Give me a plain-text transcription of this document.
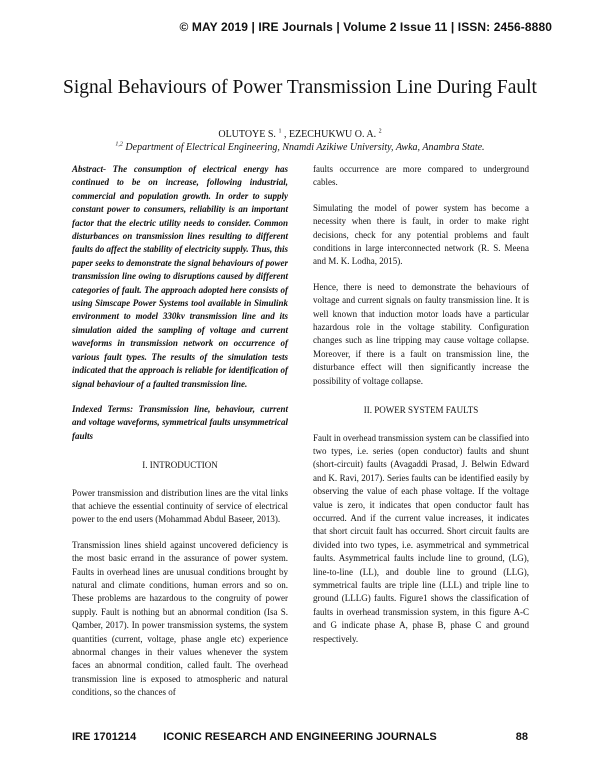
© MAY 2019 | IRE Journals | Volume 2 Issue 11 | ISSN: 2456-8880
Signal Behaviours of Power Transmission Line During Fault
OLUTOYE S. $^1$ , EZECHUKWU O. A. $^2$
$^{1,2}$ Department of Electrical Engineering, Nnamdi Azikiwe University, Awka, Anambra State.

Abstract- The consumption of electrical energy has continued to be on increase, following industrial, commercial and population growth. In order to supply constant power to consumers, reliability is an important factor that the electric utility needs to consider. Common disturbances on transmission lines resulting to different faults do affect the stability of electricity supply. Thus, this paper seeks to demonstrate the signal behaviours of power transmission line owing to disruptions caused by different categories of fault. The approach adopted here consists of using Simscape Power Systems tool available in Simulink environment to model 330kv transmission line and its simulation aided the sampling of voltage and current waveforms in transmission network on occurrence of various fault types. The results of the simulation tests indicated that the approach is reliable for identification of signal behaviour of a faulted transmission line.

Indexed Terms: Transmission line, behaviour, current and voltage waveforms, symmetrical faults unsymmetrical faults

I. INTRODUCTION

Power transmission and distribution lines are the vital links that achieve the essential continuity of service of electrical power to the end users (Mohammad Abdul Baseer, 2013).

Transmission lines shield against uncovered deficiency is the most basic errand in the assurance of power system. Faults in overhead lines are unusual conditions brought by natural and climate conditions, human errors and so on. These problems are hazardous to the congruity of power supply. Fault is nothing but an abnormal condition (Isa S. Qamber, 2017). In power transmission systems, the system quantities (current, voltage, phase angle etc) experience abnormal changes in their values whenever the system faces an abnormal condition, called fault. The overhead transmission line is exposed to atmospheric and natural conditions, so the chances of

faults occurrence are more compared to underground cables.

Simulating the model of power system has become a necessity when there is fault, in order to make right decisions, check for any potential problems and fault conditions in large interconnected network (R. S. Meena and M. K. Lodha, 2015).

Hence, there is need to demonstrate the behaviours of voltage and current signals on faulty transmission line. It is well known that induction motor loads have a particular hazardous role in the voltage stability. Configuration changes such as line tripping may cause voltage collapse. Moreover, if there is a fault on transmission line, the disturbance effect will then significantly increase the possibility of voltage collapse.

II. POWER SYSTEM FAULTS

Fault in overhead transmission system can be classified into two types, i.e. series (open conductor) faults and shunt (short-circuit) faults (Avagaddi Prasad, J. Belwin Edward and K. Ravi, 2017). Series faults can be identified easily by observing the value of each phase voltage. If the voltage value is zero, it indicates that open conductor fault has occurred. And if the current value increases, it indicates that short circuit fault has occurred. Short circuit faults are divided into two types, i.e. asymmetrical and symmetrical faults. Asymmetrical faults include line to ground, (LG), line-to-line (LL), and double line to ground (LLG), symmetrical faults are triple line (LLL) and triple line to ground (LLLG) faults. Figure1 shows the classification of faults in overhead transmission system, in this figure A-C and G indicate phase A, phase B, phase C and ground respectively.

IRE 1701214	ICONIC RESEARCH AND ENGINEERING JOURNALS	88
